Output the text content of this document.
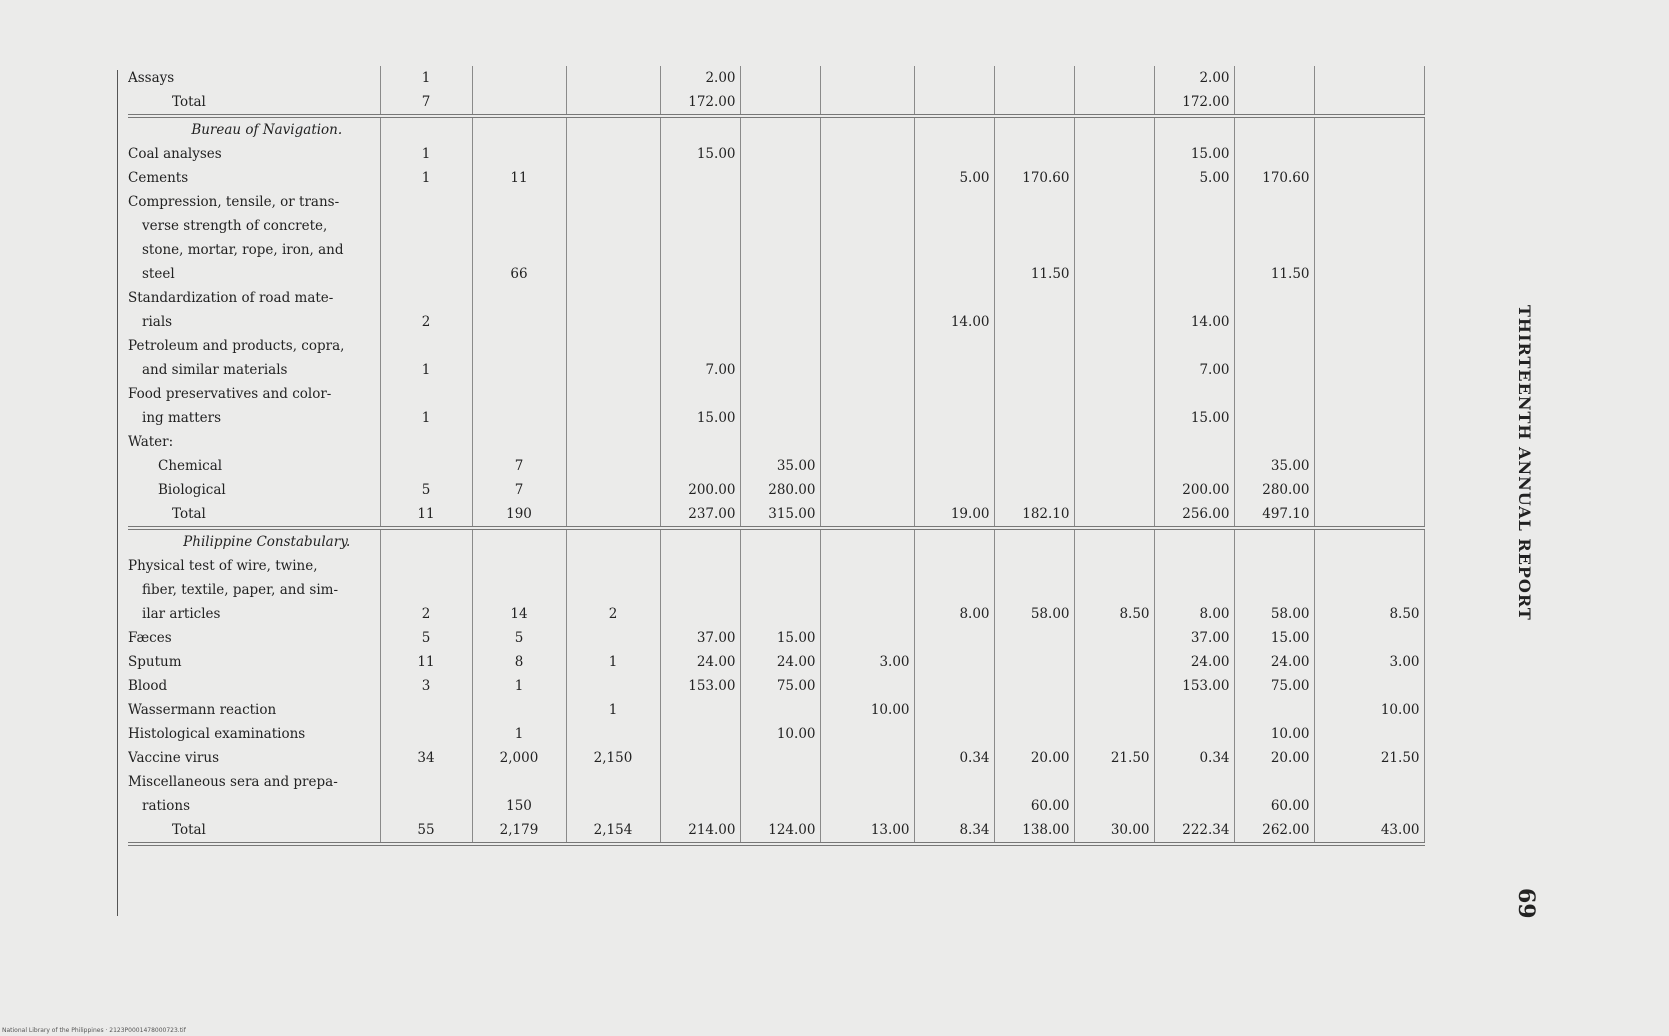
Assays	1			2.00						2.00		
Total	7			172.00						172.00		
Bureau of Navigation.												
Coal analyses	1			15.00						15.00		
Cements	1	11					5.00	170.60		5.00	170.60	
Compression, tensile, or trans-												
verse strength of concrete,												
stone, mortar, rope, iron, and												
steel		66						11.50			11.50	
Standardization of road mate-												
rials	2						14.00			14.00		
Petroleum and products, copra,												
and similar materials	1			7.00						7.00		
Food preservatives and color-												
ing matters	1			15.00						15.00		
Water:												
Chemical		7			35.00						35.00	
Biological	5	7		200.00	280.00					200.00	280.00	
Total	11	190		237.00	315.00		19.00	182.10		256.00	497.10	
Philippine Constabulary.												
Physical test of wire, twine,												
fiber, textile, paper, and sim-												
ilar articles	2	14	2				8.00	58.00	8.50	8.00	58.00	8.50
Fæces	5	5		37.00	15.00					37.00	15.00	
Sputum	11	8	1	24.00	24.00	3.00				24.00	24.00	3.00
Blood	3	1		153.00	75.00					153.00	75.00	
Wassermann reaction			1			10.00						10.00
Histological examinations		1			10.00						10.00	
Vaccine virus	34	2,000	2,150				0.34	20.00	21.50	0.34	20.00	21.50
Miscellaneous sera and prepa-												
rations		150						60.00			60.00	
Total	55	2,179	2,154	214.00	124.00	13.00	8.34	138.00	30.00	222.34	262.00	43.00
THIRTEENTH ANNUAL REPORT
69
National Library of the Philippines · 2123P0001478000723.tif
